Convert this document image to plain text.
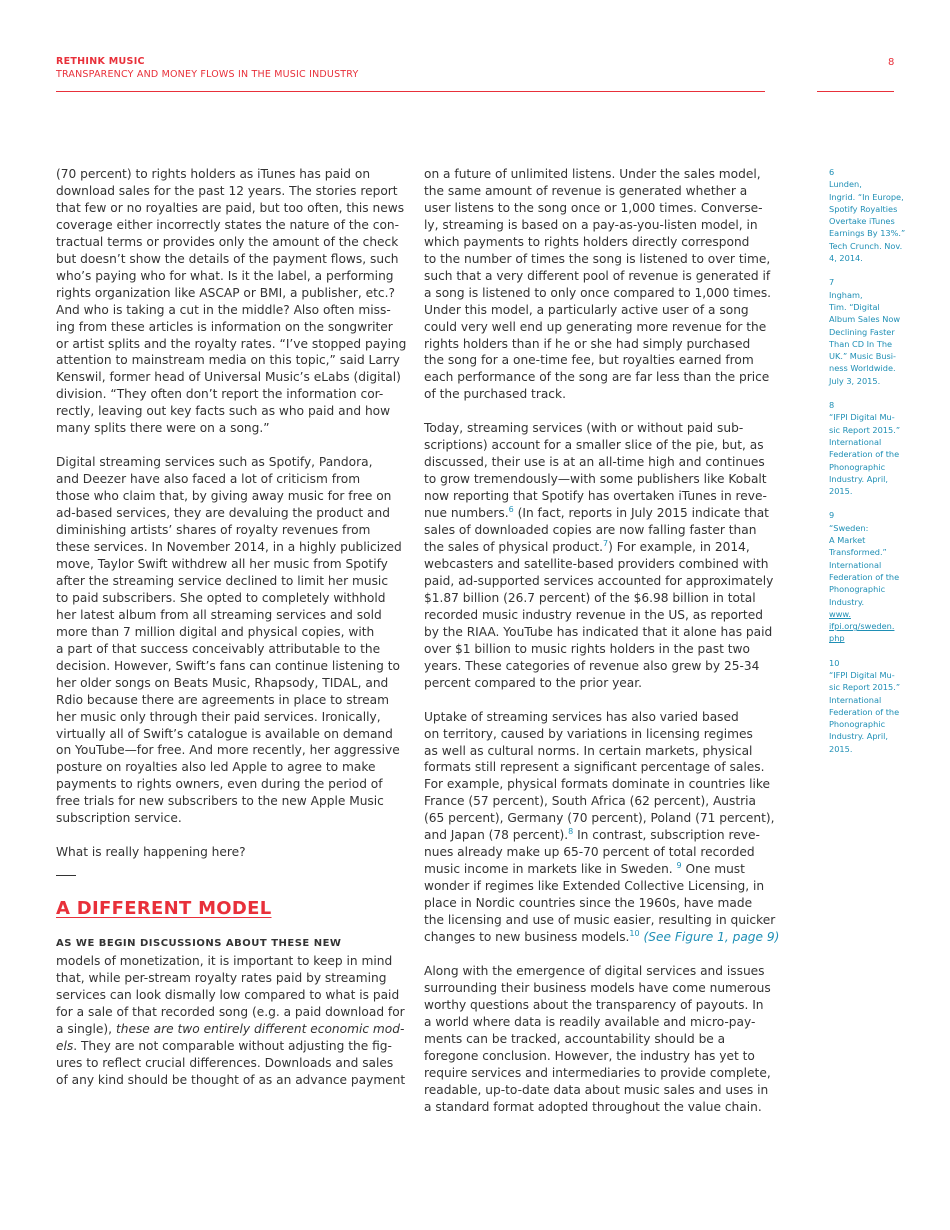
RETHINK MUSIC
TRANSPARENCY AND MONEY FLOWS IN THE MUSIC INDUSTRY
8
(70 percent) to rights holders as iTunes has paid on
download sales for the past 12 years. The stories report
that few or no royalties are paid, but too often, this news
coverage either incorrectly states the nature of the con-
tractual terms or provides only the amount of the check
but doesn’t show the details of the payment flows, such
who’s paying who for what. Is it the label, a performing
rights organization like ASCAP or BMI, a publisher, etc.?
And who is taking a cut in the middle? Also often miss-
ing from these articles is information on the songwriter
or artist splits and the royalty rates. “I’ve stopped paying
attention to mainstream media on this topic,” said Larry
Kenswil, former head of Universal Music’s eLabs (digital)
division. “They often don’t report the information cor-
rectly, leaving out key facts such as who paid and how
many splits there were on a song.”
Digital streaming services such as Spotify, Pandora,
and Deezer have also faced a lot of criticism from
those who claim that, by giving away music for free on
ad-based services, they are devaluing the product and
diminishing artists’ shares of royalty revenues from
these services. In November 2014, in a highly publicized
move, Taylor Swift withdrew all her music from Spotify
after the streaming service declined to limit her music
to paid subscribers. She opted to completely withhold
her latest album from all streaming services and sold
more than 7 million digital and physical copies, with
a part of that success conceivably attributable to the
decision. However, Swift’s fans can continue listening to
her older songs on Beats Music, Rhapsody, TIDAL, and
Rdio because there are agreements in place to stream
her music only through their paid services. Ironically,
virtually all of Swift’s catalogue is available on demand
on YouTube—for free. And more recently, her aggressive
posture on royalties also led Apple to agree to make
payments to rights owners, even during the period of
free trials for new subscribers to the new Apple Music
subscription service.
What is really happening here?
A DIFFERENT MODEL
AS WE BEGIN DISCUSSIONS ABOUT THESE NEW
models of monetization, it is important to keep in mind
that, while per-stream royalty rates paid by streaming
services can look dismally low compared to what is paid
for a sale of that recorded song (e.g. a paid download for
a single), these are two entirely different economic mod-
els. They are not comparable without adjusting the fig-
ures to reflect crucial differences. Downloads and sales
of any kind should be thought of as an advance payment
on a future of unlimited listens. Under the sales model,
the same amount of revenue is generated whether a
user listens to the song once or 1,000 times. Converse-
ly, streaming is based on a pay-as-you-listen model, in
which payments to rights holders directly correspond
to the number of times the song is listened to over time,
such that a very different pool of revenue is generated if
a song is listened to only once compared to 1,000 times.
Under this model, a particularly active user of a song
could very well end up generating more revenue for the
rights holders than if he or she had simply purchased
the song for a one-time fee, but royalties earned from
each performance of the song are far less than the price
of the purchased track.
Today, streaming services (with or without paid sub-
scriptions) account for a smaller slice of the pie, but, as
discussed, their use is at an all-time high and continues
to grow tremendously—with some publishers like Kobalt
now reporting that Spotify has overtaken iTunes in reve-
nue numbers.$^6$ (In fact, reports in July 2015 indicate that
sales of downloaded copies are now falling faster than
the sales of physical product.$^7$) For example, in 2014,
webcasters and satellite-based providers combined with
paid, ad-supported services accounted for approximately
$1.87 billion (26.7 percent) of the $6.98 billion in total
recorded music industry revenue in the US, as reported
by the RIAA. YouTube has indicated that it alone has paid
over $1 billion to music rights holders in the past two
years. These categories of revenue also grew by 25-34
percent compared to the prior year.
Uptake of streaming services has also varied based
on territory, caused by variations in licensing regimes
as well as cultural norms. In certain markets, physical
formats still represent a significant percentage of sales.
For example, physical formats dominate in countries like
France (57 percent), South Africa (62 percent), Austria
(65 percent), Germany (70 percent), Poland (71 percent),
and Japan (78 percent).$^8$ In contrast, subscription reve-
nues already make up 65-70 percent of total recorded
music income in markets like in Sweden. $^9$ One must
wonder if regimes like Extended Collective Licensing, in
place in Nordic countries since the 1960s, have made
the licensing and use of music easier, resulting in quicker
changes to new business models.$^{10}$ (See Figure 1, page 9)
Along with the emergence of digital services and issues
surrounding their business models have come numerous
worthy questions about the transparency of payouts. In
a world where data is readily available and micro-pay-
ments can be tracked, accountability should be a
foregone conclusion. However, the industry has yet to
require services and intermediaries to provide complete,
readable, up-to-date data about music sales and uses in
a standard format adopted throughout the value chain.
6
Lunden,
Ingrid. “In Europe,
Spotify Royalties
Overtake iTunes
Earnings By 13%.”
Tech Crunch. Nov.
4, 2014.
7
Ingham,
Tim. “Digital
Album Sales Now
Declining Faster
Than CD In The
UK.” Music Busi-
ness Worldwide.
July 3, 2015.
8
“IFPI Digital Mu-
sic Report 2015.”
International
Federation of the
Phonographic
Industry. April,
2015.
9
“Sweden:
A Market
Transformed.”
International
Federation of the
Phonographic
Industry.
www.
ifpi.org/sweden.
php
10
“IFPI Digital Mu-
sic Report 2015.”
International
Federation of the
Phonographic
Industry. April,
2015.
